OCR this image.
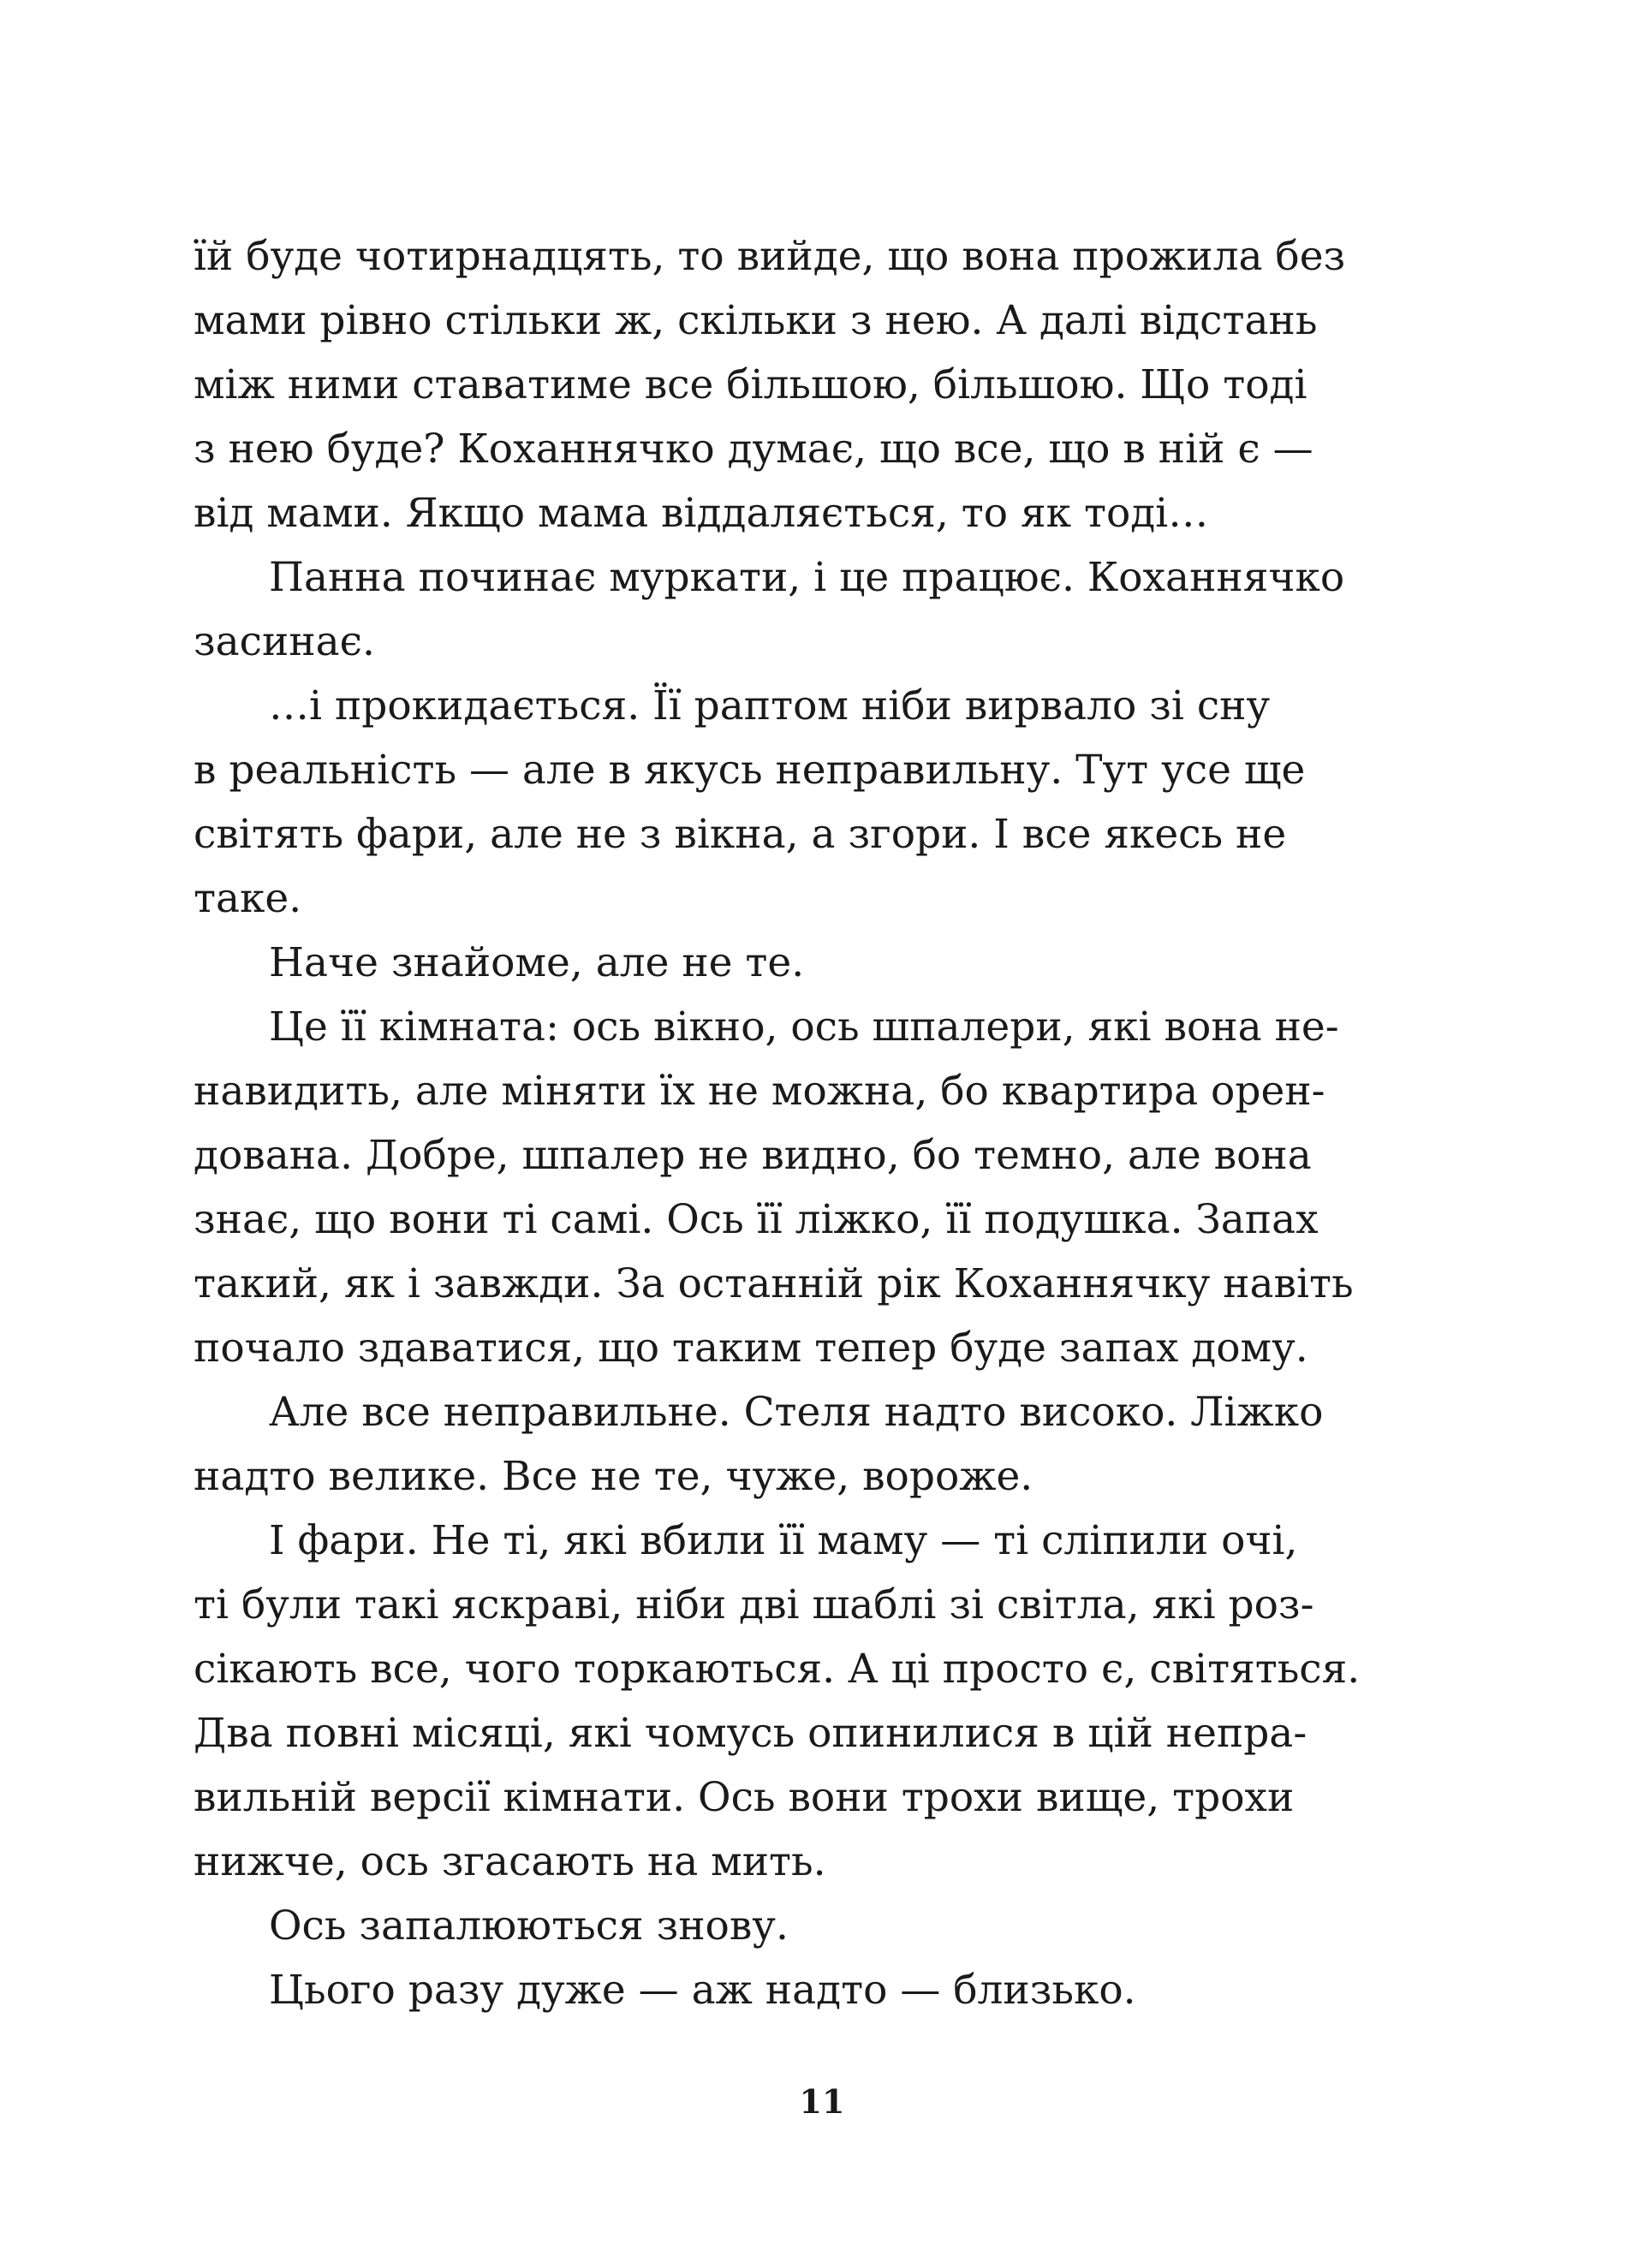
їй буде чотирнадцять, то вийде, що вона прожила без
мами рівно стільки ж, скільки з нею. А далі відстань
між ними ставатиме все більшою, більшою. Що тоді
з нею буде? Коханнячко думає, що все, що в ній є —
від мами. Якщо мама віддаляється, то як тоді…
Панна починає муркати, і це працює. Коханнячко
засинає.
…і прокидається. Її раптом ніби вирвало зі сну
в реальність — але в якусь неправильну. Тут усе ще
світять фари, але не з вікна, а згори. І все якесь не
таке.
Наче знайоме, але не те.
Це її кімната: ось вікно, ось шпалери, які вона не-
навидить, але міняти їх не можна, бо квартира орен-
дована. Добре, шпалер не видно, бо темно, але вона
знає, що вони ті самі. Ось її ліжко, її подушка. Запах
такий, як і завжди. За останній рік Коханнячку навіть
почало здаватися, що таким тепер буде запах дому.
Але все неправильне. Стеля надто високо. Ліжко
надто велике. Все не те, чуже, вороже.
І фари. Не ті, які вбили її маму — ті сліпили очі,
ті були такі яскраві, ніби дві шаблі зі світла, які роз-
сікають все, чого торкаються. А ці просто є, світяться.
Два повні місяці, які чомусь опинилися в цій непра-
вильній версії кімнати. Ось вони трохи вище, трохи
нижче, ось згасають на мить.
Ось запалюються знову.
Цього разу дуже — аж надто — близько.
11
